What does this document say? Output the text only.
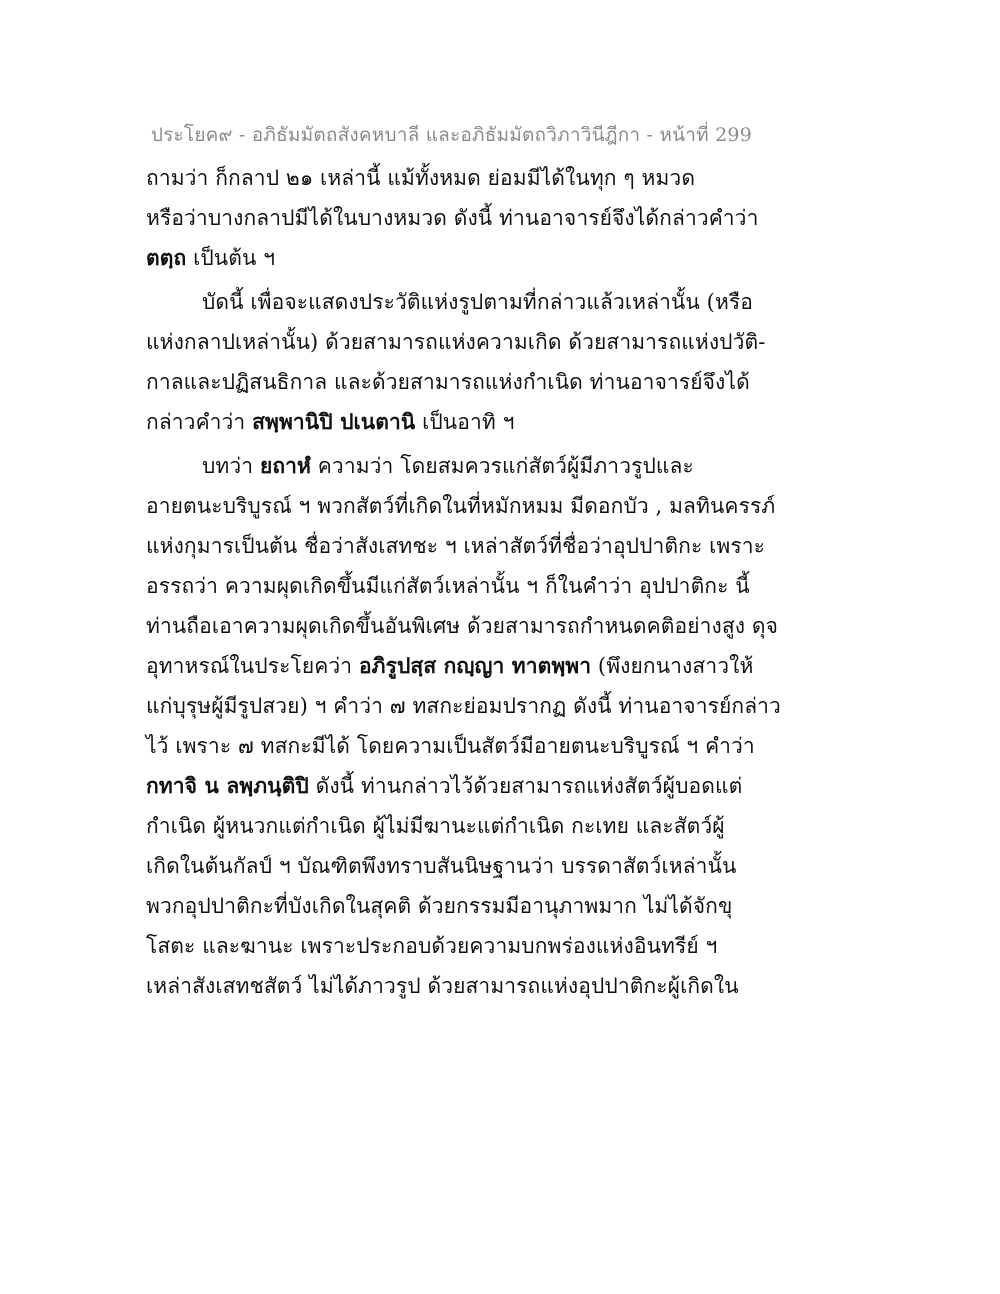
ประโยค๙ - อภิธัมมัตถสังคหบาลี และอภิธัมมัตถวิภาวินีฎีกา - หน้าที่ 299
ถามว่า ก็กลาป ๒๑ เหล่านี้ แม้ทั้งหมด ย่อมมีได้ในทุก ๆ หมวด
หรือว่าบางกลาปมีได้ในบางหมวด ดังนี้ ท่านอาจารย์จึงได้กล่าวคำว่า
ตตฺถ เป็นต้น ฯ
บัดนี้ เพื่อจะแสดงประวัติแห่งรูปตามที่กล่าวแล้วเหล่านั้น (หรือ
แห่งกลาปเหล่านั้น) ด้วยสามารถแห่งความเกิด ด้วยสามารถแห่งปวัติ-
กาลและปฏิสนธิกาล และด้วยสามารถแห่งกำเนิด ท่านอาจารย์จึงได้
กล่าวคำว่า สพฺพานิปิ ปเนตานิ เป็นอาทิ ฯ
บทว่า ยถาหํ ความว่า โดยสมควรแก่สัตว์ผู้มีภาวรูปและ
อายตนะบริบูรณ์ ฯ พวกสัตว์ที่เกิดในที่หมักหมม มีดอกบัว , มลทินครรภ์
แห่งกุมารเป็นต้น ชื่อว่าสังเสทชะ ฯ เหล่าสัตว์ที่ชื่อว่าอุปปาติกะ เพราะ
อรรถว่า ความผุดเกิดขึ้นมีแก่สัตว์เหล่านั้น ฯ ก็ในคำว่า อุปปาติกะ นี้
ท่านถือเอาความผุดเกิดขึ้นอันพิเศษ ด้วยสามารถกำหนดคติอย่างสูง ดุจ
อุทาหรณ์ในประโยคว่า อภิรูปสฺส กญฺญา ทาตพฺพา (พึงยกนางสาวให้
แก่บุรุษผู้มีรูปสวย) ฯ คำว่า ๗ ทสกะย่อมปรากฏ ดังนี้ ท่านอาจารย์กล่าว
ไว้ เพราะ ๗ ทสกะมีได้ โดยความเป็นสัตว์มีอายตนะบริบูรณ์ ฯ คำว่า
กทาจิ น ลพฺภนฺติปิ ดังนี้ ท่านกล่าวไว้ด้วยสามารถแห่งสัตว์ผู้บอดแต่
กำเนิด ผู้หนวกแต่กำเนิด ผู้ไม่มีฆานะแต่กำเนิด กะเทย และสัตว์ผู้
เกิดในต้นกัลป์ ฯ บัณฑิตพึงทราบสันนิษฐานว่า บรรดาสัตว์เหล่านั้น
พวกอุปปาติกะที่บังเกิดในสุคติ ด้วยกรรมมีอานุภาพมาก ไม่ได้จักขุ
โสตะ และฆานะ เพราะประกอบด้วยความบกพร่องแห่งอินทรีย์ ฯ
เหล่าสังเสทชสัตว์ ไม่ได้ภาวรูป ด้วยสามารถแห่งอุปปาติกะผู้เกิดใน
